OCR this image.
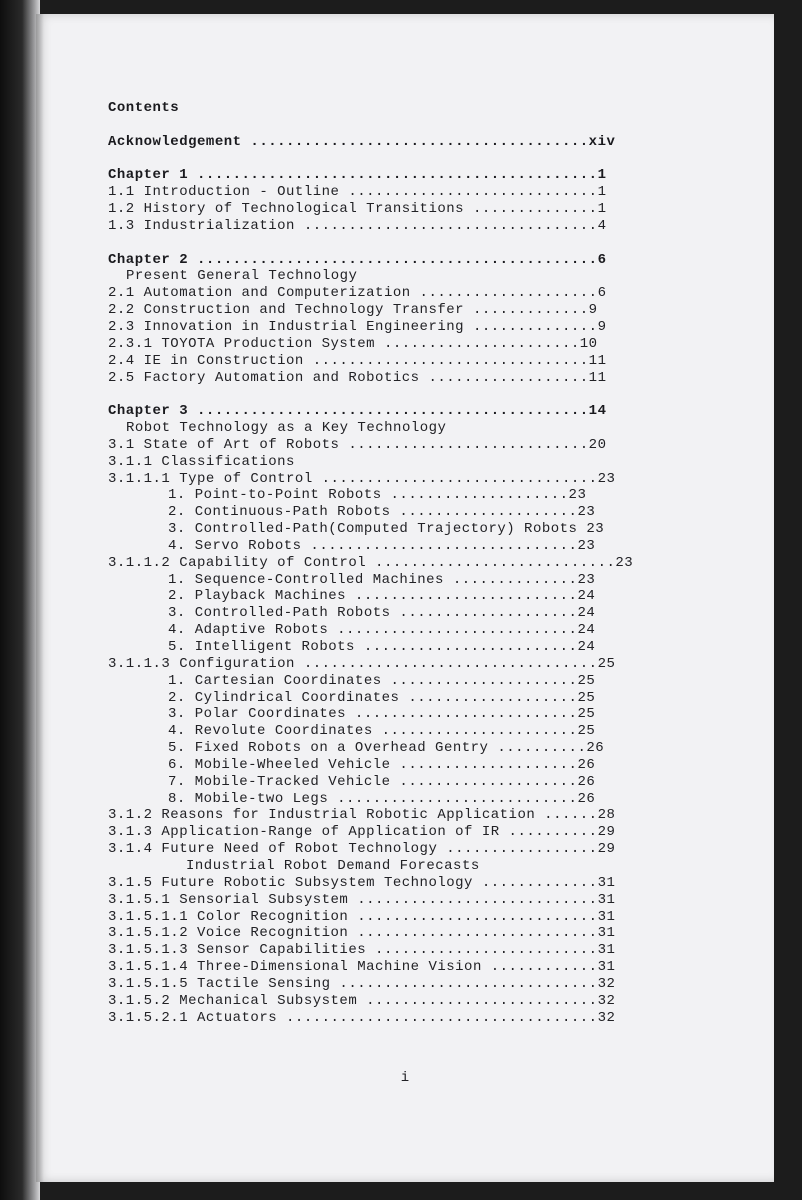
i
Contents
Acknowledgement ......................................xiv
Chapter 1 .............................................1
1.1 Introduction - Outline ............................1
1.2 History of Technological Transitions ..............1
1.3 Industrialization .................................4
Chapter 2 .............................................6
Present General Technology
2.1 Automation and Computerization ....................6
2.2 Construction and Technology Transfer .............9
2.3 Innovation in Industrial Engineering ..............9
2.3.1 TOYOTA Production System ......................10
2.4 IE in Construction ...............................11
2.5 Factory Automation and Robotics ..................11
Chapter 3 ............................................14
Robot Technology as a Key Technology
3.1 State of Art of Robots ...........................20
3.1.1 Classifications
3.1.1.1 Type of Control ...............................23
1. Point-to-Point Robots ....................23
2. Continuous-Path Robots ....................23
3. Controlled-Path(Computed Trajectory) Robots 23
4. Servo Robots ..............................23
3.1.1.2 Capability of Control ...........................23
1. Sequence-Controlled Machines ..............23
2. Playback Machines .........................24
3. Controlled-Path Robots ....................24
4. Adaptive Robots ...........................24
5. Intelligent Robots ........................24
3.1.1.3 Configuration .................................25
1. Cartesian Coordinates .....................25
2. Cylindrical Coordinates ...................25
3. Polar Coordinates .........................25
4. Revolute Coordinates ......................25
5. Fixed Robots on a Overhead Gentry ..........26
6. Mobile-Wheeled Vehicle ....................26
7. Mobile-Tracked Vehicle ....................26
8. Mobile-two Legs ...........................26
3.1.2 Reasons for Industrial Robotic Application ......28
3.1.3 Application-Range of Application of IR ..........29
3.1.4 Future Need of Robot Technology .................29
Industrial Robot Demand Forecasts
3.1.5 Future Robotic Subsystem Technology .............31
3.1.5.1 Sensorial Subsystem ...........................31
3.1.5.1.1 Color Recognition ...........................31
3.1.5.1.2 Voice Recognition ...........................31
3.1.5.1.3 Sensor Capabilities .........................31
3.1.5.1.4 Three-Dimensional Machine Vision ............31
3.1.5.1.5 Tactile Sensing .............................32
3.1.5.2 Mechanical Subsystem ..........................32
3.1.5.2.1 Actuators ...................................32
